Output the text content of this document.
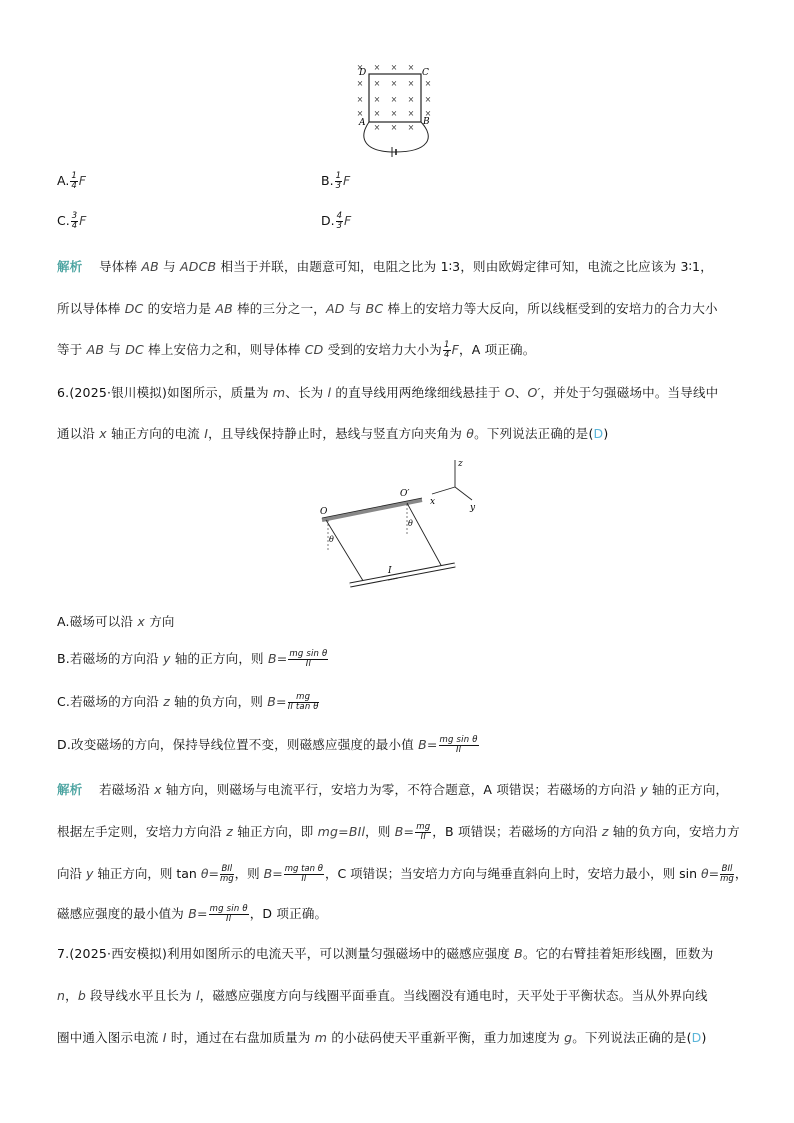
× × × ×
× × × × ×
× × × × ×
× × × × ×
× × ×
D	C
A	B
A. $\frac{1}{4}$ F	B. $\frac{1}{3}$ F
C. $\frac{3}{4}$ F	D. $\frac{4}{3}$ F
解析 导体棒 AB 与 ADCB 相当于并联，由题意可知，电阻之比为 1∶3，则由欧姆定律可知，电流之比应该为 3∶1，
所以导体棒 DC 的安培力是 AB 棒的三分之一，AD 与 BC 棒上的安培力等大反向，所以线框受到的安培力的合力大小
等于 AB 与 DC 棒上安倍力之和，则导体棒 CD 受到的安培力大小为 $\frac{1}{4}$ F，A 项正确。
6.(2025·银川模拟)如图所示，质量为 m、长为 l 的直导线用两绝缘细线悬挂于 O、O′，并处于匀强磁场中。当导线中
通以沿 x 轴正方向的电流 I，且导线保持静止时，悬线与竖直方向夹角为 θ。下列说法正确的是(D)
z
x
y
O
O′
θ
θ
I
A.磁场可以沿 x 方向
B.若磁场的方向沿 y 轴的正方向，则 $B= \frac{\text{mg sin θ}}{Il}$
C.若磁场的方向沿 z 轴的负方向，则 $B= \frac{mg}{\text{Il tan θ}}$
D.改变磁场的方向，保持导线位置不变，则磁感应强度的最小值 $B= \frac{\text{mg sin θ}}{Il}$
解析 若磁场沿 x 轴方向，则磁场与电流平行，安培力为零，不符合题意，A 项错误；若磁场的方向沿 y 轴的正方向，
根据左手定则，安培力方向沿 z 轴正方向，即 mg=BIl，则 $B= \frac{mg}{Il}$ ，B 项错误；若磁场的方向沿 z 轴的负方向，安培力方
向沿 y 轴正方向，则 $\tan \theta= \frac{\text{BIl}}{mg}$ ，则 $B= \frac{\text{mg tan θ}}{Il}$ ，C 项错误；当安培力方向与绳垂直斜向上时，安培力最小，则 $\sin \theta= \frac{\text{BIl}}{mg}$ ，
磁感应强度的最小值为 $B= \frac{\text{mg sin θ}}{Il}$ ，D 项正确。
7.(2025·西安模拟)利用如图所示的电流天平，可以测量匀强磁场中的磁感应强度 B。它的右臂挂着矩形线圈，匝数为
n，b 段导线水平且长为 l，磁感应强度方向与线圈平面垂直。当线圈没有通电时，天平处于平衡状态。当从外界向线
圈中通入图示电流 I 时，通过在右盘加质量为 m 的小砝码使天平重新平衡，重力加速度为 g。下列说法正确的是(D)
